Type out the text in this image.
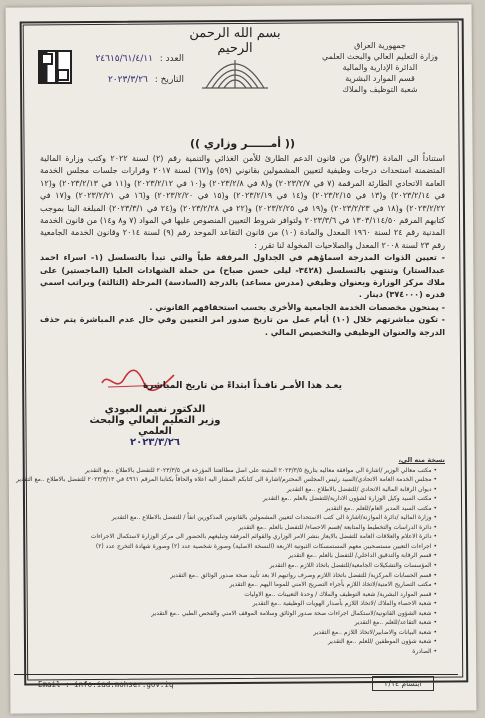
بسم الله الرحمن الرحيم
العدد : ٢٤٦١٥/٦١/٤/١١
التاريخ : ٢٠٢٣/٣/٢٦
جمهورية العراق
وزارة التعليم العالي والبحث العلمي
الدائرة الإدارية والمالية
قسم الموارد البشرية
شعبة التوظيف والملاك
(( أمــــــر وزاري ))

استناداً الى المادة (٣/اولاً) من قانون الدعم الطارئ للأمن الغذائي والتنمية رقم (٢) لسنة ٢٠٢٢ وكتب وزارة المالية المتضمنة استحداث درجات وظيفية لتعيين المشمولين بقانوني (٥٩) و(٦٧) لسنة ٢٠١٧ وقرارات جلسات مجلس الخدمة العامة الاتحادي الطارئة المرقمة (٧ في ٢٠٢٣/٢/٧) و(٨ في ٢٠٢٣/٢/٨) و(١٠ في ٢٠٢٣/٢/١٢) و(١١ في ٢٠٢٣/٢/١٣) و(١٢ في ٢٠٢٣/٢/١٤) و(١٣ في ٢٠٢٣/٢/١٥) و(١٤ في ٢٠٢٣/٢/١٩) و(١٥ في ٢٠٢٣/٢/٢٠) و(١٦ في ٢٠٢٣/٢/٢١) و(١٧ في ٢٠٢٣/٢/٢٢) و(١٨ في ٢٠٢٣/٢/٢٣) و(١٩ في ٢٠٢٣/٢/٢٥) و(٢٢ في ٢٠٢٣/٢/٢٨) و(٢٤ في ٢٠٢٣/٣/١) المبلغة الينا بموجب كتابهم المرقم ١٣٠٣/١١٤/٥٠ في ٢٠٢٣/٣/٦ ولتوافر شروط التعيين المنصوص عليها في المواد (٧ و٨ و١٤) من قانون الخدمة المدنية رقم ٢٤ لسنة ١٩٦٠ المعدل والمادة (١٠) من قانون التقاعد الموحد رقم (٩) لسنة ٢٠١٤ وقانون الخدمة الجامعية رقم ٢٣ لسنة ٢٠٠٨ المعدل والصلاحيات المخولة لنا تقرر :

- تعيين الذوات المدرجة اسماؤهم في الجداول المرفقة طياً والتي تبدأ بالتسلسل (١- اسراء احمد عبدالستار) وتنتهي بالتسلسل (٣٤٢٨- ليلى حسن صباح) من حملة الشهادات العليا (الماجستير) على ملاك مركز الوزارة وبعنوان وظيفي (مدرس مساعد) بالدرجة (السادسة) المرحلة (الثالثة) وبراتب اسمي قدره (٣٧٤٠٠٠) دينار .

- يمنحون مخصصات الخدمة الجامعية والأخرى بحسب استحقاقهم القانوني .

- تكون مباشرتهم خلال (١٠) أيام عمل من تاريخ صدور امر التعيين وفي حال عدم المباشرة يتم حذف الدرجة والعنوان الوظيفي والتخصيص المالي .

يعـد هذا الأمـر نافـذاً ابتداءً من تاريخ المباشرة
الدكتور نعيم العبودي
وزير التعليم العالي والبحث العلمي
٢٠٢٣/٣/٢٦
نسخة منه الى،
• مكتب معالي الوزير /اشارة الى موافقة معاليه بتاريخ ٢٠٢٣/٣/٥ المثبتة على اصل مطالعتنا المؤرخة في ٢٠٢٣/٣/٥ للتفضل بالاطلاع ..مع التقدير
• مجلس الخدمة العامة الاتحادي/السيد رئيس المجلس المحترم/اشارة الى كتابكم المشار اليه اعلاه والحاقاً بكتابنا المرقم ٤٩٦١ في ٢٠٢٣/٣/١٣ للتفضل بالاطلاع ..مع التقدير
• ديوان الرقابة المالية الاتحادي /للتفضل بالاطلاع ..مع التقدير
• مكتب السيد وكيل الوزارة لشؤون الادارية/للتفضل بالعلم ..مع التقدير
• مكتب السيد المدير العام/للعلم ..مع التقدير
• وزارة المالية /دائرة الموازنة/اشارة الى كتب الاستحداث لتعيين المشمولين بالقانونين المذكورين انفاً / للتفضل بالاطلاع ..مع التقدير
• دائرة الدراسات والتخطيط والمتابعة /قسم الاحصاء/ للتفضل بالعلم ..مع التقدير
• دائرة الاعلام والعلاقات العامة للتفضل بالايعاز بنشر الامر الوزاري والقوائم المرفقة وتبليغهم بالحضور الى مركز الوزارة لاستكمال الاجراءات
• اجراءات التعيين مستصحبين معهم المستمسكات الثبوتية الاربعة (النسخة الاصلية) وصورة شخصية عدد (٢) وصورة شهادة التخرج عدد (٢)
• قسم الرقابة والتدقيق الداخلي/ للتفضل بالعلم ..مع التقدير
• المؤسسات والتشكيلات الجامعية/للتفضل باتخاذ اللازم ..مع التقدير
• قسم الحسابات المركزية/ للتفضل باتخاذ اللازم وصرف رواتبهم الا بعد تأييد صحة صدور الوثائق ..مع التقدير
• مكتب التصاريح الامنية/لاتخاذ اللازم بأجراء التصريح الامني للموما اليهم ..مع التقدير
• قسم الموارد البشرية/ شعبة التوظيف والملاك / وحدة التعيينات ..مع الاوليات
• شعبة الاحصاء والملاك /لاتخاذ اللازم بأصدار الهويات الوظيفية ..مع التقدير
• شعبة الشؤون القانونية/لاستكمال اجراءات صحة صدور الوثائق وسلامة الموقف الامني والفحص الطبي ..مع التقدير
• شعبة التقاعد/للعلم ..مع التقدير
• شعبة البيانات والاضابير/لاتخاذ اللازم ..مع التقدير
• شعبة شؤون الموظفين /للعلم ..مع التقدير
• الصادرة
Email : info.iad.mohser.gov.iq	ابتسام ٣/١٤
